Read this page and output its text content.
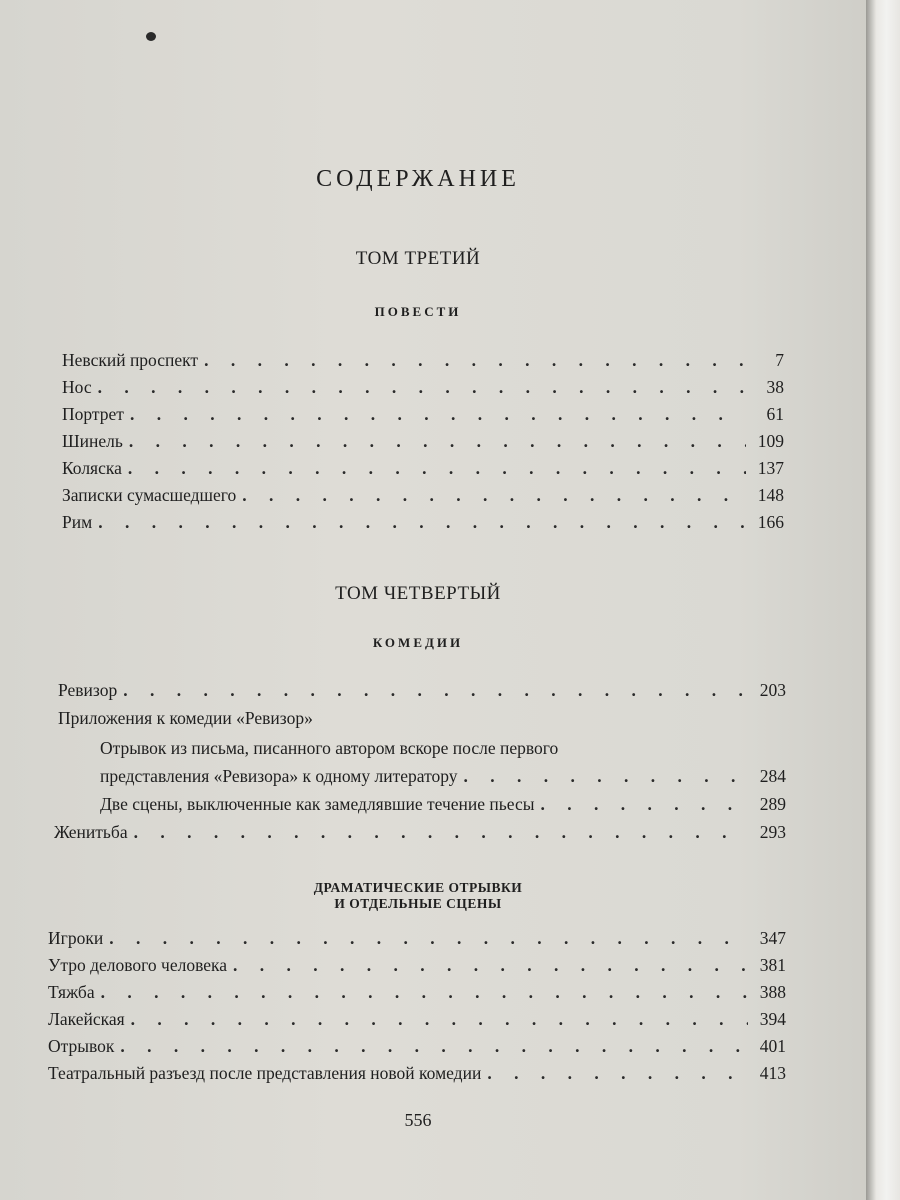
СОДЕРЖАНИЕ
ТОМ ТРЕТИЙ
ПОВЕСТИ
Невский проспект . . .	7
Нос . . .	38
Портрет . . .	61
Шинель . . .	109
Коляска . . .	137
Записки сумасшедшего . . .	148
Рим . . .	166
ТОМ ЧЕТВЕРТЫЙ
КОМЕДИИ
Ревизор . . .	203
Приложения к комедии «Ревизор»
Отрывок из письма, писанного автором вскоре после первого
представления «Ревизора» к одному литератору . . .	284
Две сцены, выключенные как замедлявшие течение пьесы . . .	289
Женитьба . . .	293
ДРАМАТИЧЕСКИЕ ОТРЫВКИ
И ОТДЕЛЬНЫЕ СЦЕНЫ
Игроки . . .	347
Утро делового человека . . .	381
Тяжба . . .	388
Лакейская . . .	394
Отрывок . . .	401
Театральный разъезд после представления новой комедии . . .	413
556
